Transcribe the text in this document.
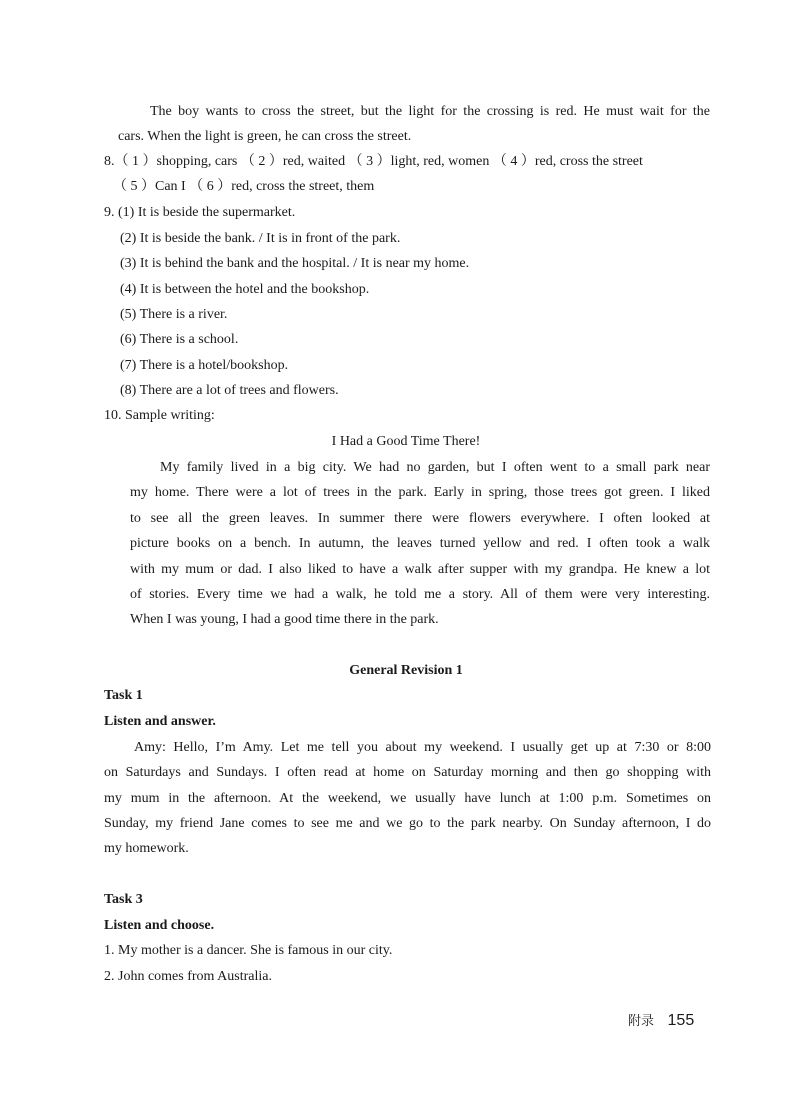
The boy wants to cross the street, but the light for the crossing is red. He must wait for the
cars. When the light is green, he can cross the street.
8.（ 1 ）shopping, cars （ 2 ）red, waited （ 3 ）light, red, women （ 4 ）red, cross the street
（ 5 ）Can I （ 6 ）red, cross the street, them
9. (1) It is beside the supermarket.
(2) It is beside the bank. / It is in front of the park.
(3) It is behind the bank and the hospital. / It is near my home.
(4) It is between the hotel and the bookshop.
(5) There is a river.
(6) There is a school.
(7) There is a hotel/bookshop.
(8) There are a lot of trees and flowers.
10. Sample writing:
I Had a Good Time There!
My family lived in a big city. We had no garden, but I often went to a small park near
my home. There were a lot of trees in the park. Early in spring, those trees got green. I liked
to see all the green leaves. In summer there were flowers everywhere. I often looked at
picture books on a bench. In autumn, the leaves turned yellow and red. I often took a walk
with my mum or dad. I also liked to have a walk after supper with my grandpa. He knew a lot
of stories. Every time we had a walk, he told me a story. All of them were very interesting.
When I was young, I had a good time there in the park.
General Revision 1
Task 1
Listen and answer.
Amy: Hello, I’m Amy. Let me tell you about my weekend. I usually get up at 7:30 or 8:00
on Saturdays and Sundays. I often read at home on Saturday morning and then go shopping with
my mum in the afternoon. At the weekend, we usually have lunch at 1:00 p.m. Sometimes on
Sunday, my friend Jane comes to see me and we go to the park nearby. On Sunday afternoon, I do
my homework.
Task 3
Listen and choose.
1. My mother is a dancer. She is famous in our city.
2. John comes from Australia.
附录 155
